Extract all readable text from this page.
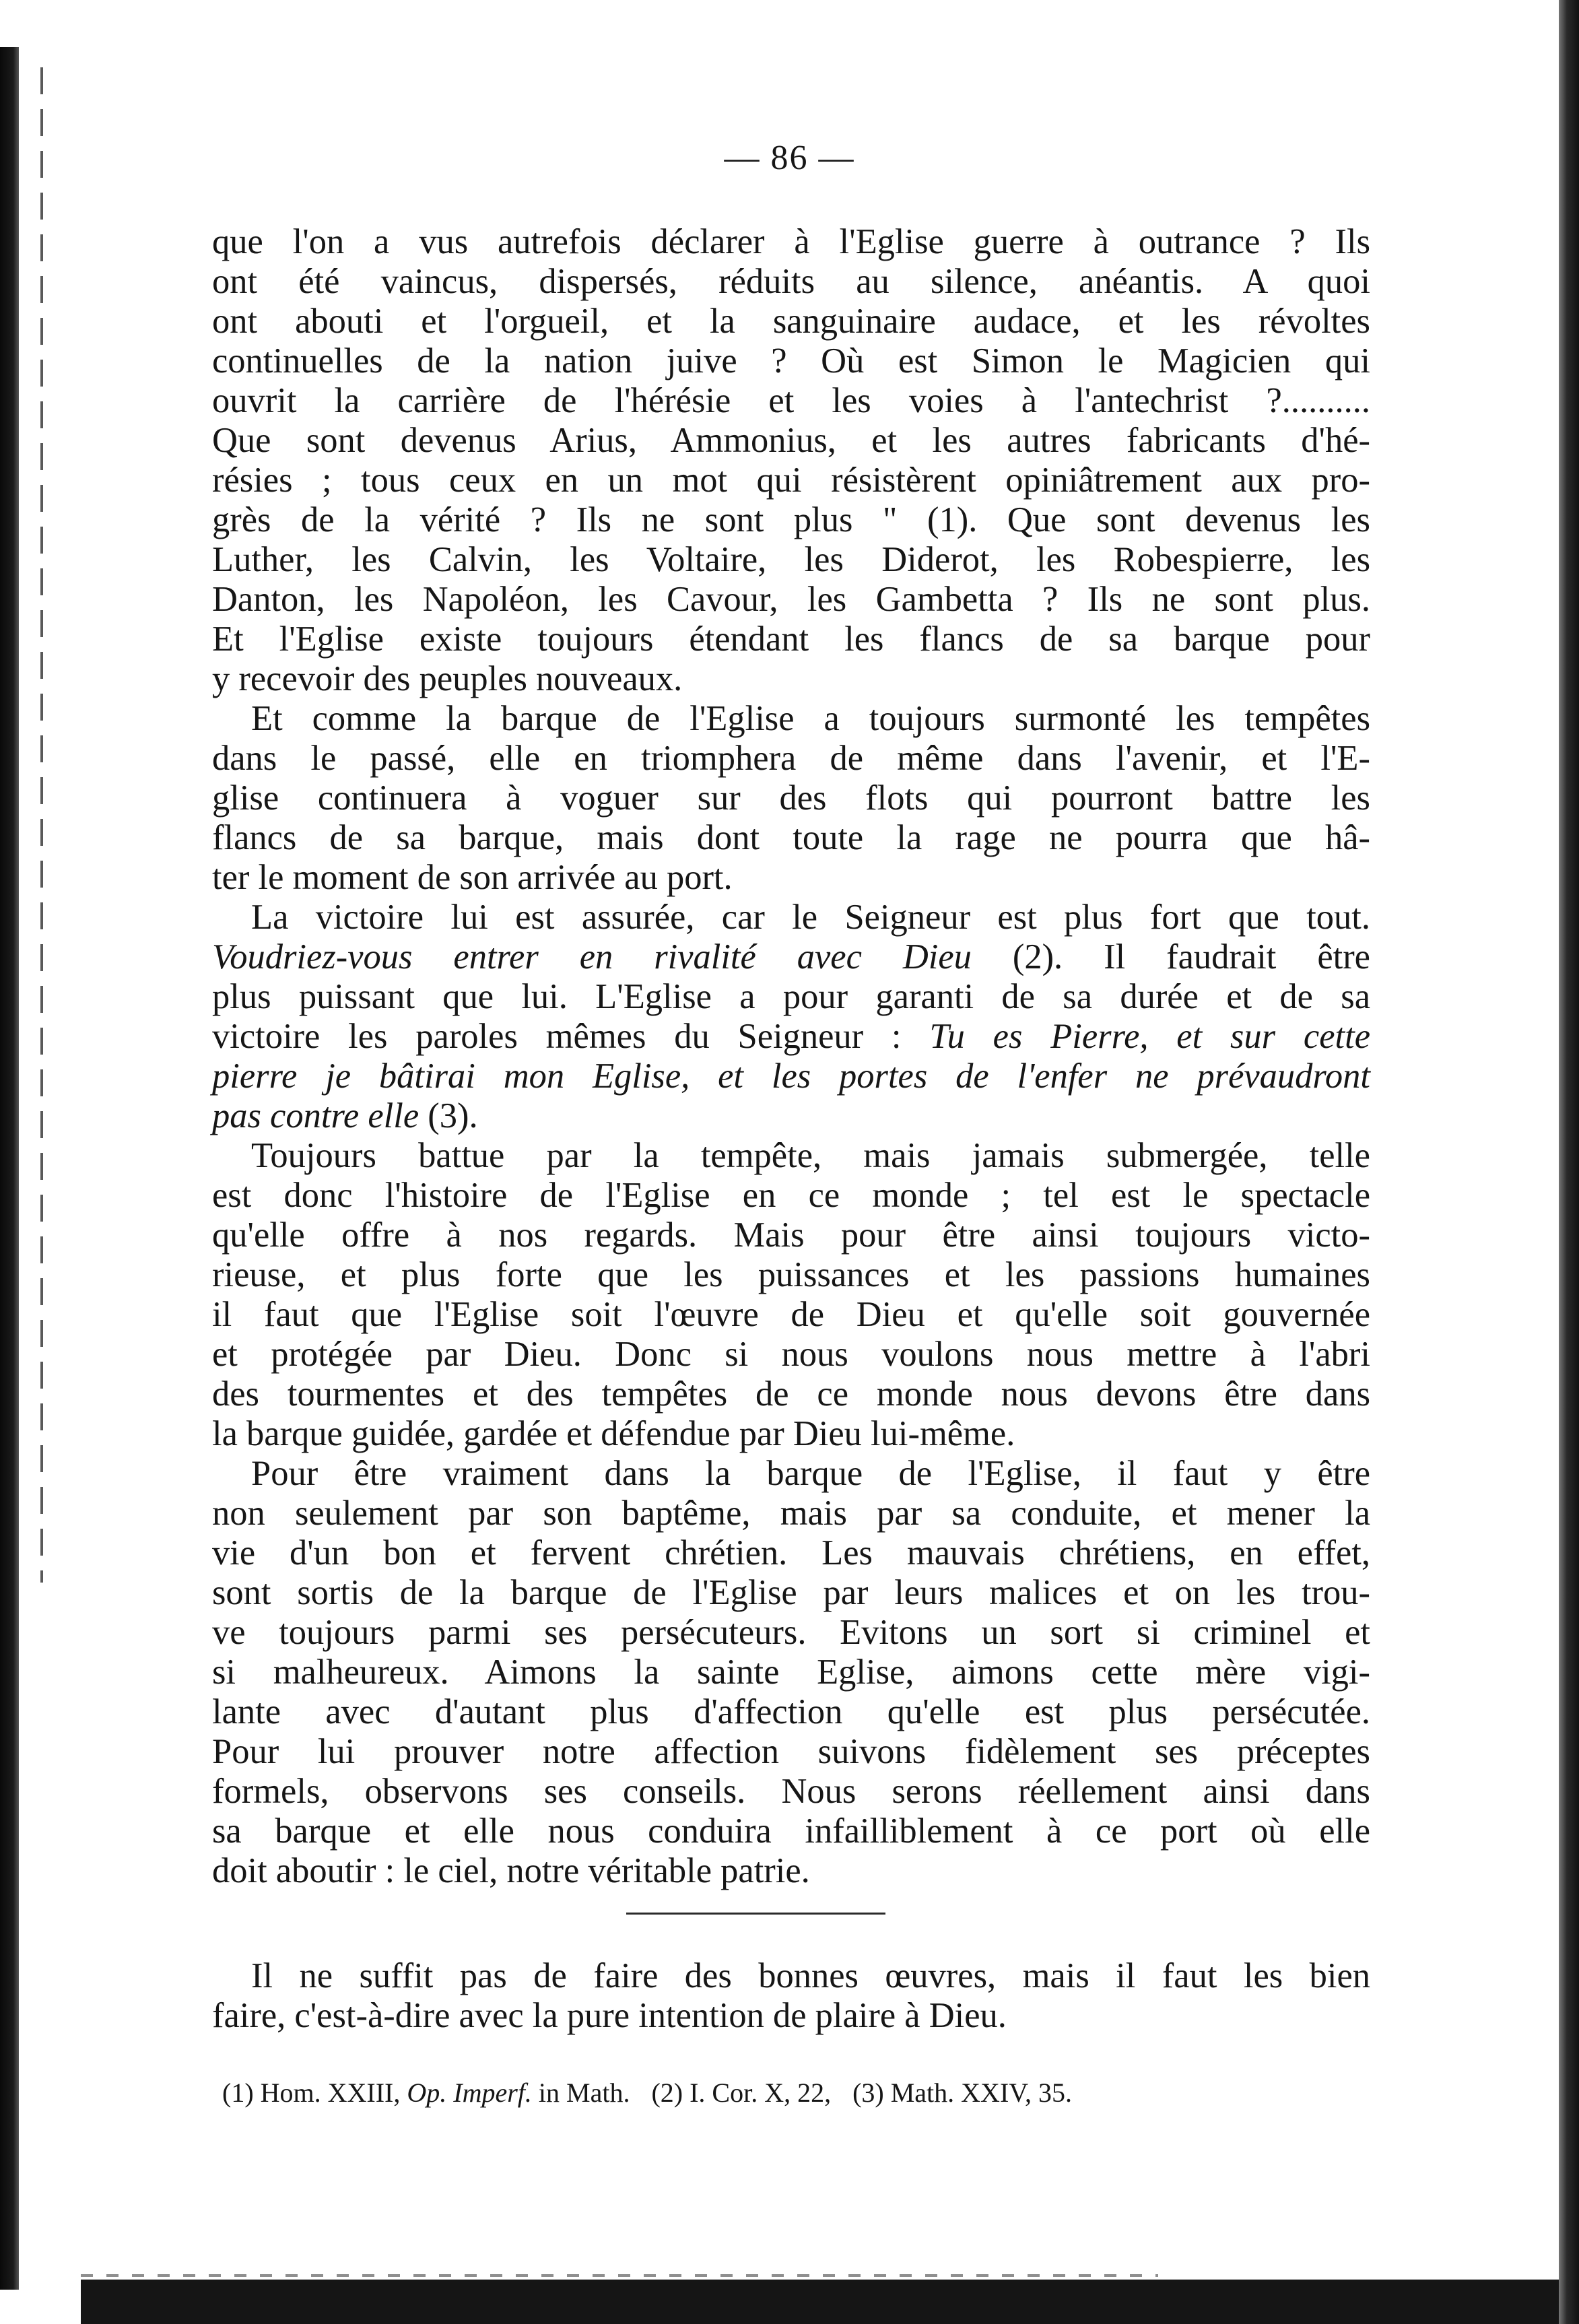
— 86 —

que l'on a vus autrefois déclarer à l'Eglise guerre à outrance ? Ils

ont été vaincus, dispersés, réduits au silence, anéantis. A quoi

ont abouti et l'orgueil, et la sanguinaire audace, et les révoltes

continuelles de la nation juive ? Où est Simon le Magicien qui

ouvrit la carrière de l'hérésie et les voies à l'antechrist ?..........

Que sont devenus Arius, Ammonius, et les autres fabricants d'hé-

résies ; tous ceux en un mot qui résistèrent opiniâtrement aux pro-

grès de la vérité ? Ils ne sont plus " (1). Que sont devenus les

Luther, les Calvin, les Voltaire, les Diderot, les Robespierre, les

Danton, les Napoléon, les Cavour, les Gambetta ? Ils ne sont plus.

Et l'Eglise existe toujours étendant les flancs de sa barque pour

y recevoir des peuples nouveaux.

Et comme la barque de l'Eglise a toujours surmonté les tempêtes

dans le passé, elle en triomphera de même dans l'avenir, et l'E-

glise continuera à voguer sur des flots qui pourront battre les

flancs de sa barque, mais dont toute la rage ne pourra que hâ-

ter le moment de son arrivée au port.

La victoire lui est assurée, car le Seigneur est plus fort que tout.

Voudriez-vous entrer en rivalité avec Dieu (2). Il faudrait être

plus puissant que lui. L'Eglise a pour garanti de sa durée et de sa

victoire les paroles mêmes du Seigneur : Tu es Pierre, et sur cette

pierre je bâtirai mon Eglise, et les portes de l'enfer ne prévaudront

pas contre elle (3).

Toujours battue par la tempête, mais jamais submergée, telle

est donc l'histoire de l'Eglise en ce monde ; tel est le spectacle

qu'elle offre à nos regards. Mais pour être ainsi toujours victo-

rieuse, et plus forte que les puissances et les passions humaines

il faut que l'Eglise soit l'œuvre de Dieu et qu'elle soit gouvernée

et protégée par Dieu. Donc si nous voulons nous mettre à l'abri

des tourmentes et des tempêtes de ce monde nous devons être dans

la barque guidée, gardée et défendue par Dieu lui-même.

Pour être vraiment dans la barque de l'Eglise, il faut y être

non seulement par son baptême, mais par sa conduite, et mener la

vie d'un bon et fervent chrétien. Les mauvais chrétiens, en effet,

sont sortis de la barque de l'Eglise par leurs malices et on les trou-

ve toujours parmi ses persécuteurs. Evitons un sort si criminel et

si malheureux. Aimons la sainte Eglise, aimons cette mère vigi-

lante avec d'autant plus d'affection qu'elle est plus persécutée.

Pour lui prouver notre affection suivons fidèlement ses préceptes

formels, observons ses conseils. Nous serons réellement ainsi dans

sa barque et elle nous conduira infailliblement à ce port où elle

doit aboutir : le ciel, notre véritable patrie.

Il ne suffit pas de faire des bonnes œuvres, mais il faut les bien

faire, c'est-à-dire avec la pure intention de plaire à Dieu.

(1) Hom. XXIII, Op. Imperf. in Math. (2) I. Cor. X, 22, (3) Math. XXIV, 35.
